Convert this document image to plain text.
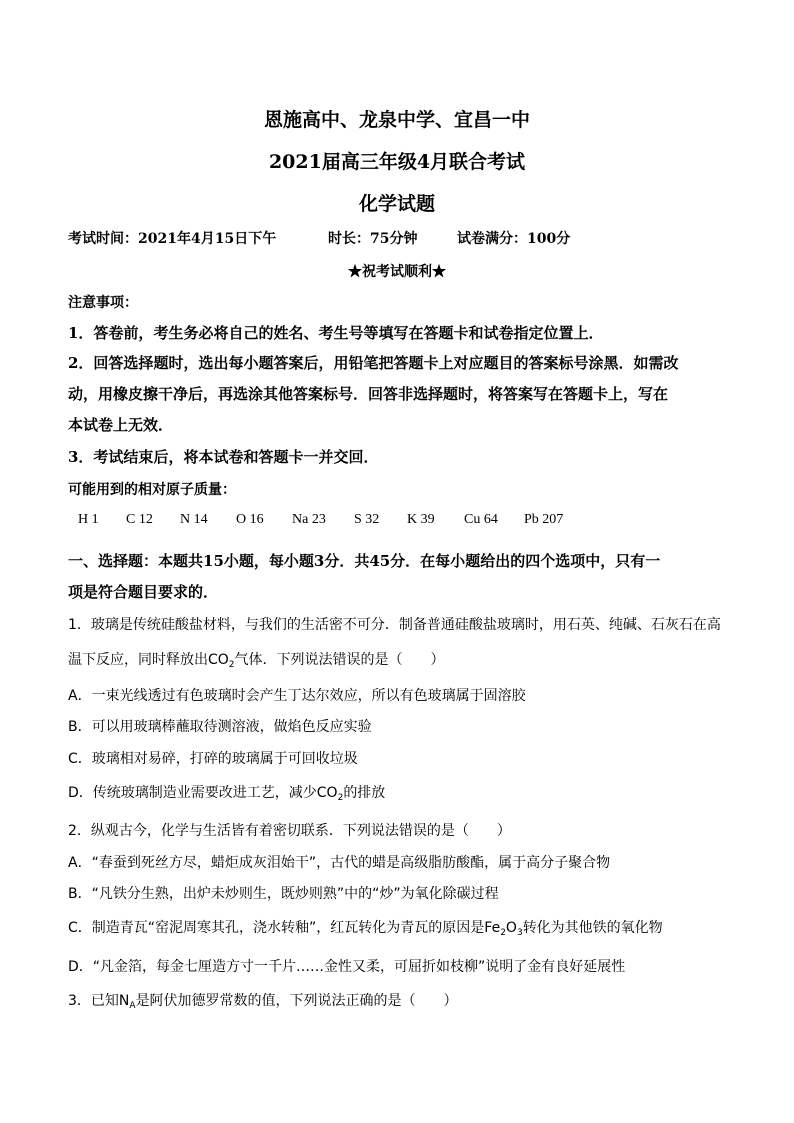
恩施高中、龙泉中学、宜昌一中
2021届高三年级4月联合考试
化学试题
考试时间：2021年4月15日下午	时长：75分钟	试卷满分：100分
★祝考试顺利★
注意事项：
1．答卷前，考生务必将自己的姓名、考生号等填写在答题卡和试卷指定位置上．
2．回答选择题时，选出每小题答案后，用铅笔把答题卡上对应题目的答案标号涂黑．如需改
动，用橡皮擦干净后，再选涂其他答案标号．回答非选择题时，将答案写在答题卡上，写在
本试卷上无效．
3．考试结束后，将本试卷和答题卡一并交回．
可能用到的相对原子质量：
H 1 C 12 N 14 O 16 Na 23 S 32 K 39 Cu 64 Pb 207
一、选择题：本题共15小题，每小题3分．共45分．在每小题给出的四个选项中，只有一
项是符合题目要求的．
1．玻璃是传统硅酸盐材料，与我们的生活密不可分．制备普通硅酸盐玻璃时，用石英、纯碱、石灰石在高
温下反应，同时释放出$CO_2$气体．下列说法错误的是（　　）
A．一束光线透过有色玻璃时会产生丁达尔效应，所以有色玻璃属于固溶胶
B．可以用玻璃棒蘸取待测溶液，做焰色反应实验
C．玻璃相对易碎，打碎的玻璃属于可回收垃圾
D．传统玻璃制造业需要改进工艺，减少$CO_2$的排放
2．纵观古今，化学与生活皆有着密切联系．下列说法错误的是（　　）
A．“春蚕到死丝方尽，蜡炬成灰泪始干”，古代的蜡是高级脂肪酸酯，属于高分子聚合物
B．“凡铁分生熟，出炉未炒则生，既炒则熟”中的“炒”为氧化除碳过程
C．制造青瓦“窑泥周寒其孔，浇水转釉”，红瓦转化为青瓦的原因是$Fe_2O_3$转化为其他铁的氧化物
D．“凡金箔，每金七厘造方寸一千片……金性又柔，可屈折如枝柳”说明了金有良好延展性
3．已知$N_A$是阿伏加德罗常数的值，下列说法正确的是（　　）
